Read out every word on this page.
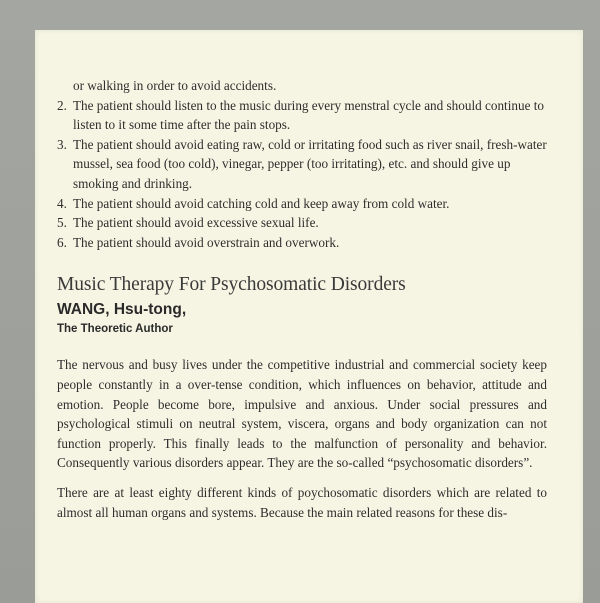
or walking in order to avoid accidents.

2. The patient should listen to the music during every menstral cycle and should continue to listen to it some time after the pain stops.

3. The patient should avoid eating raw, cold or irritating food such as river snail, fresh-water mussel, sea food (too cold), vinegar, pepper (too irritating), etc. and should give up smoking and drinking.

4. The patient should avoid catching cold and keep away from cold water.

5. The patient should avoid excessive sexual life.

6. The patient should avoid overstrain and overwork.

Music Therapy For Psychosomatic Disorders
WANG, Hsu-tong,
The Theoretic Author

The nervous and busy lives under the competitive industrial and commercial society keep people constantly in a over-tense condition, which influences on behavior, attitude and emotion. People become bore, impulsive and anxious. Under social pressures and psychological stimuli on neutral system, viscera, organs and body organization can not function properly. This finally leads to the malfunction of personality and behavior. Consequently various disorders appear. They are the so-called “psychosomatic disorders”.

There are at least eighty different kinds of poychosomatic disorders which are related to almost all human organs and systems. Because the main related reasons for these dis-
